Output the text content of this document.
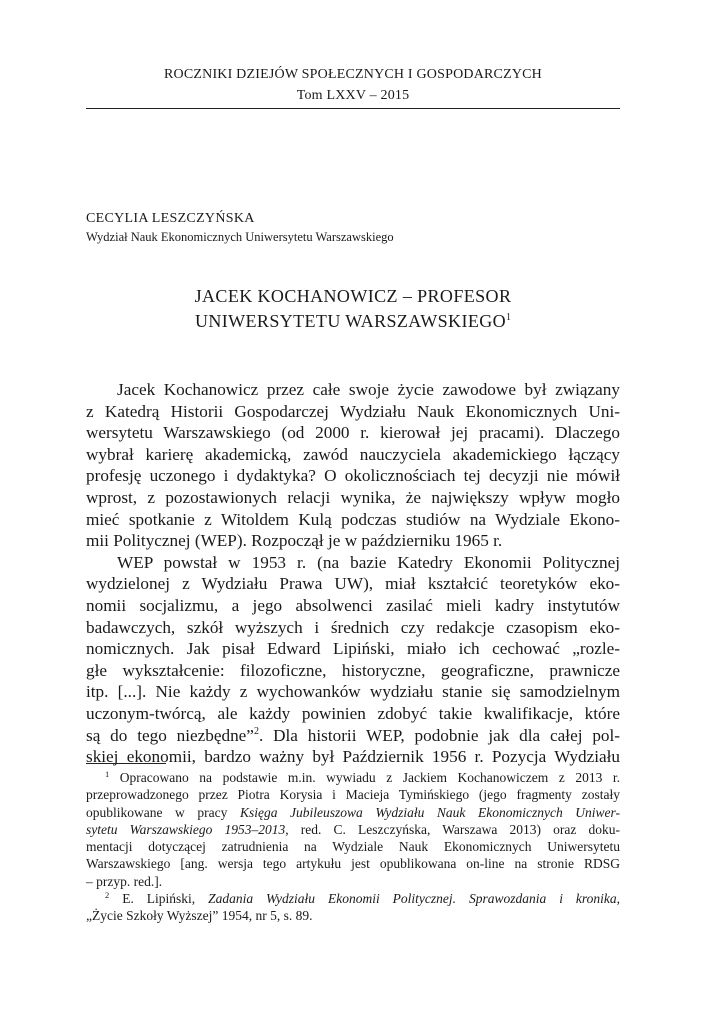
ROCZNIKI DZIEJÓW SPOŁECZNYCH I GOSPODARCZYCH
Tom LXXV – 2015
CECYLIA LESZCZYŃSKA
Wydział Nauk Ekonomicznych Uniwersytetu Warszawskiego
JACEK KOCHANOWICZ – PROFESOR
UNIWERSYTETU WARSZAWSKIEGO$^1$
Jacek Kochanowicz przez całe swoje życie zawodowe był związany
z Katedrą Historii Gospodarczej Wydziału Nauk Ekonomicznych Uni-
wersytetu Warszawskiego (od 2000 r. kierował jej pracami). Dlaczego
wybrał karierę akademicką, zawód nauczyciela akademickiego łączący
profesję uczonego i dydaktyka? O okolicznościach tej decyzji nie mówił
wprost, z pozostawionych relacji wynika, że największy wpływ mogło
mieć spotkanie z Witoldem Kulą podczas studiów na Wydziale Ekono-
mii Politycznej (WEP). Rozpoczął je w październiku 1965 r.
WEP powstał w 1953 r. (na bazie Katedry Ekonomii Politycznej
wydzielonej z Wydziału Prawa UW), miał kształcić teoretyków eko-
nomii socjalizmu, a jego absolwenci zasilać mieli kadry instytutów
badawczych, szkół wyższych i średnich czy redakcje czasopism eko-
nomicznych. Jak pisał Edward Lipiński, miało ich cechować „rozle-
głe wykształcenie: filozoficzne, historyczne, geograficzne, prawnicze
itp. [...]. Nie każdy z wychowanków wydziału stanie się samodzielnym
uczonym-twórcą, ale każdy powinien zdobyć takie kwalifikacje, które
są do tego niezbędne”$^2$. Dla historii WEP, podobnie jak dla całej pol-
skiej ekonomii, bardzo ważny był Październik 1956 r. Pozycja Wydziału
$^1$ Opracowano na podstawie m.in. wywiadu z Jackiem Kochanowiczem z 2013 r.
przeprowadzonego przez Piotra Korysia i Macieja Tymińskiego (jego fragmenty zostały
opublikowane w pracy Księga Jubileuszowa Wydziału Nauk Ekonomicznych Uniwer-
sytetu Warszawskiego 1953–2013, red. C. Leszczyńska, Warszawa 2013) oraz doku-
mentacji dotyczącej zatrudnienia na Wydziale Nauk Ekonomicznych Uniwersytetu
Warszawskiego [ang. wersja tego artykułu jest opublikowana on-line na stronie RDSG
– przyp. red.].
$^2$ E. Lipiński, Zadania Wydziału Ekonomii Politycznej. Sprawozdania i kronika,
„Życie Szkoły Wyższej” 1954, nr 5, s. 89.
